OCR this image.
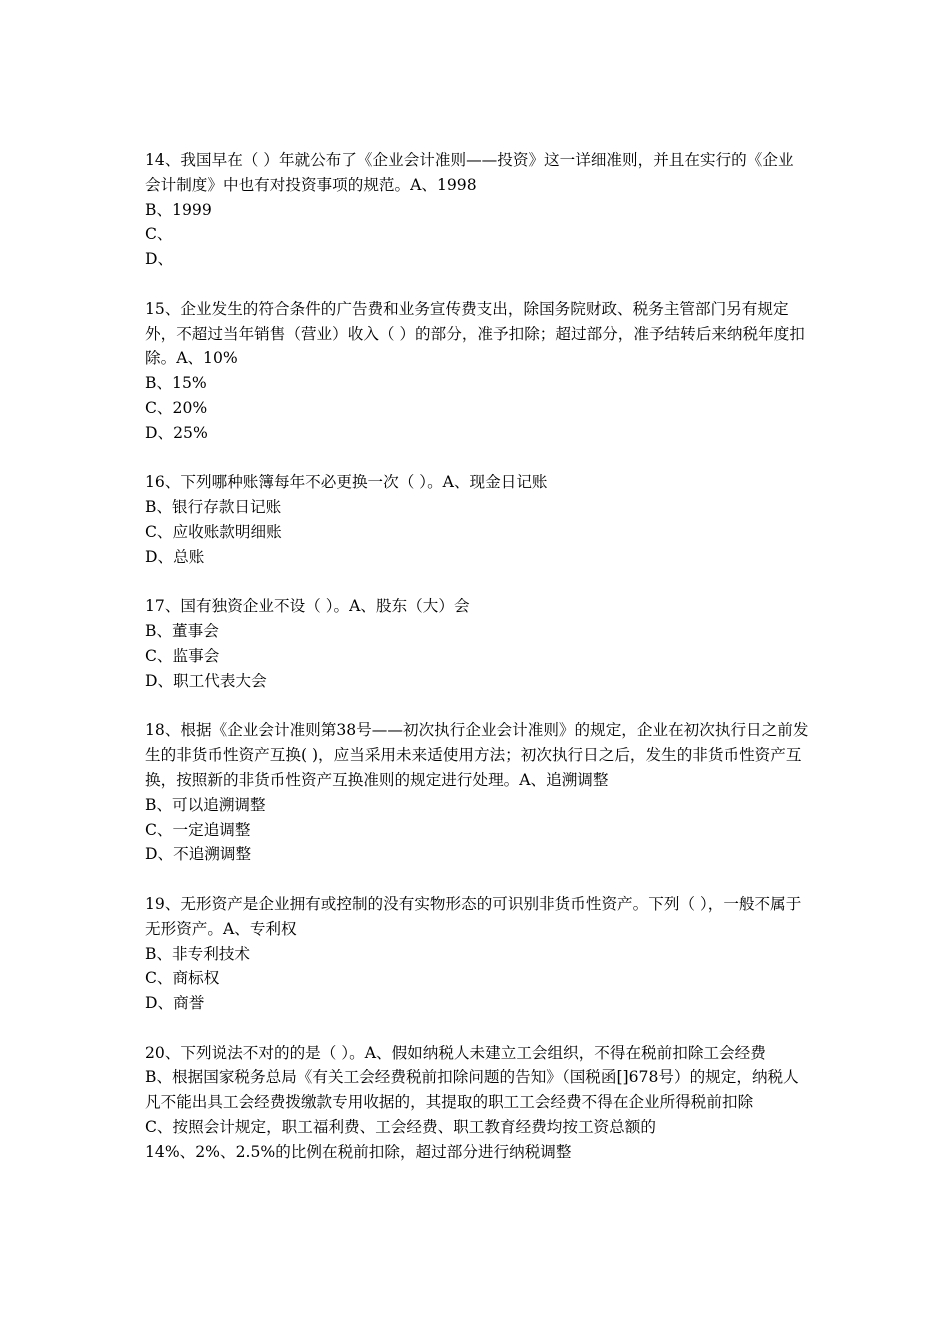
14、我国早在（ ）年就公布了《企业会计准则——投资》这一详细准则，并且在实行的《企业会计制度》中也有对投资事项的规范。A、1998

B、1999

C、

D、

15、企业发生的符合条件的广告费和业务宣传费支出，除国务院财政、税务主管部门另有规定外，不超过当年销售（营业）收入（ ）的部分，准予扣除；超过部分，准予结转后来纳税年度扣除。A、10%

B、15%

C、20%

D、25%

16、下列哪种账簿每年不必更换一次（ ）。A、现金日记账

B、银行存款日记账

C、应收账款明细账

D、总账

17、国有独资企业不设（ ）。A、股东（大）会

B、董事会

C、监事会

D、职工代表大会

18、根据《企业会计准则第38号——初次执行企业会计准则》的规定，企业在初次执行日之前发生的非货币性资产互换( )，应当采用未来适使用方法；初次执行日之后，发生的非货币性资产互换，按照新的非货币性资产互换准则的规定进行处理。A、追溯调整

B、可以追溯调整

C、一定追调整

D、不追溯调整

19、无形资产是企业拥有或控制的没有实物形态的可识别非货币性资产。下列（ ），一般不属于无形资产。A、专利权

B、非专利技术

C、商标权

D、商誉

20、下列说法不对的的是（ ）。A、假如纳税人未建立工会组织，不得在税前扣除工会经费

B、根据国家税务总局《有关工会经费税前扣除问题的告知》（国税函[]678号）的规定，纳税人凡不能出具工会经费拨缴款专用收据的，其提取的职工工会经费不得在企业所得税前扣除

C、按照会计规定，职工福利费、工会经费、职工教育经费均按工资总额的

14%、2%、2.5%的比例在税前扣除，超过部分进行纳税调整
